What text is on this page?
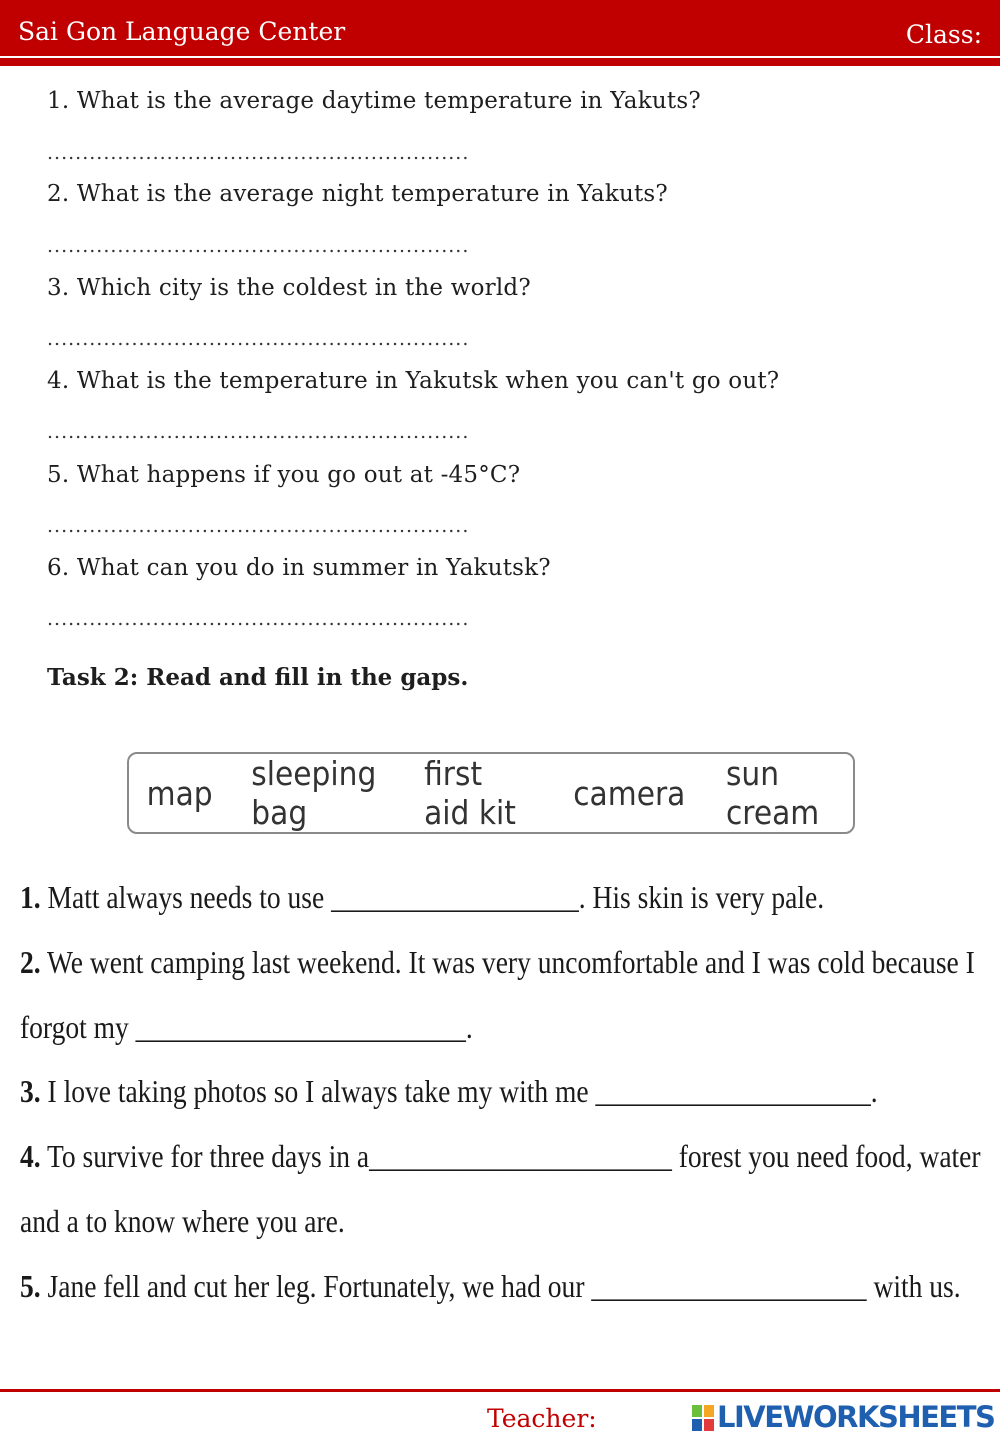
Sai Gon Language Center	Class:
1. What is the average daytime temperature in Yakuts?
............................................................
2. What is the average night temperature in Yakuts?
............................................................
3. Which city is the coldest in the world?
............................................................
4. What is the temperature in Yakutsk when you can't go out?
............................................................
5. What happens if you go out at -45°C?
............................................................
6. What can you do in summer in Yakutsk?
............................................................
Task 2: Read and fill in the gaps.
map sleeping bag
first aid kit	camera sun cream
1. Matt always needs to use __________________. His skin is very pale.
2. We went camping last weekend. It was very uncomfortable and I was cold because I
forgot my ________________________.
3. I love taking photos so I always take my with me ____________________.
4. To survive for three days in a______________________ forest you need food, water
and a to know where you are.
5. Jane fell and cut her leg. Fortunately, we had our ____________________ with us.
Teacher:	LIVEWORKSHEETS
